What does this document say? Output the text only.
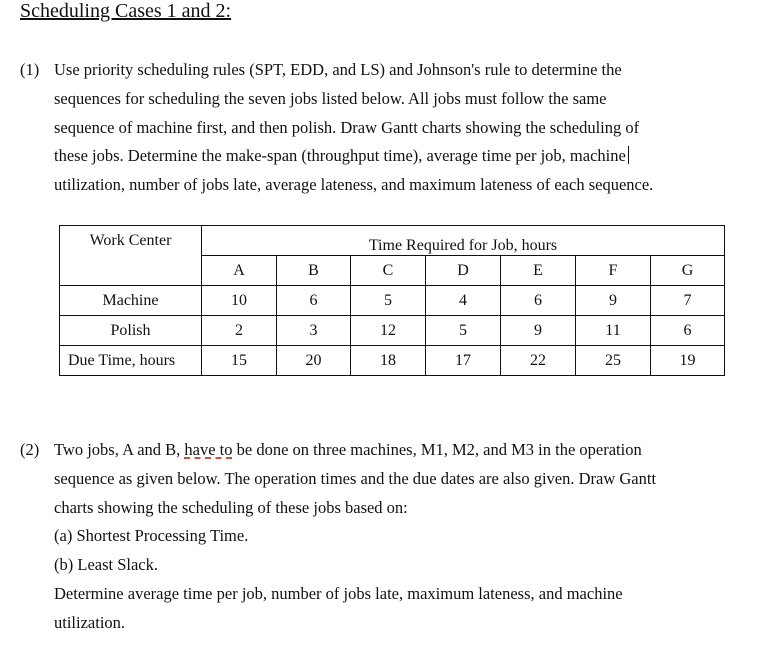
Scheduling Cases 1 and 2:
(1) Use priority scheduling rules (SPT, EDD, and LS) and Johnson's rule to determine the
sequences for scheduling the seven jobs listed below. All jobs must follow the same
sequence of machine first, and then polish. Draw Gantt charts showing the scheduling of
these jobs. Determine the make-span (throughput time), average time per job, machine
utilization, number of jobs late, average lateness, and maximum lateness of each sequence.
Work Center	Time Required for Job, hours						
	A	B	C	D	E	F	G
Machine	10	6	5	4	6	9	7
Polish	2	3	12	5	9	11	6
Due Time, hours	15	20	18	17	22	25	19
(2) Two jobs, A and B, have to be done on three machines, M1, M2, and M3 in the operation
sequence as given below. The operation times and the due dates are also given. Draw Gantt
charts showing the scheduling of these jobs based on:
(a) Shortest Processing Time.
(b) Least Slack.
Determine average time per job, number of jobs late, maximum lateness, and machine
utilization.
